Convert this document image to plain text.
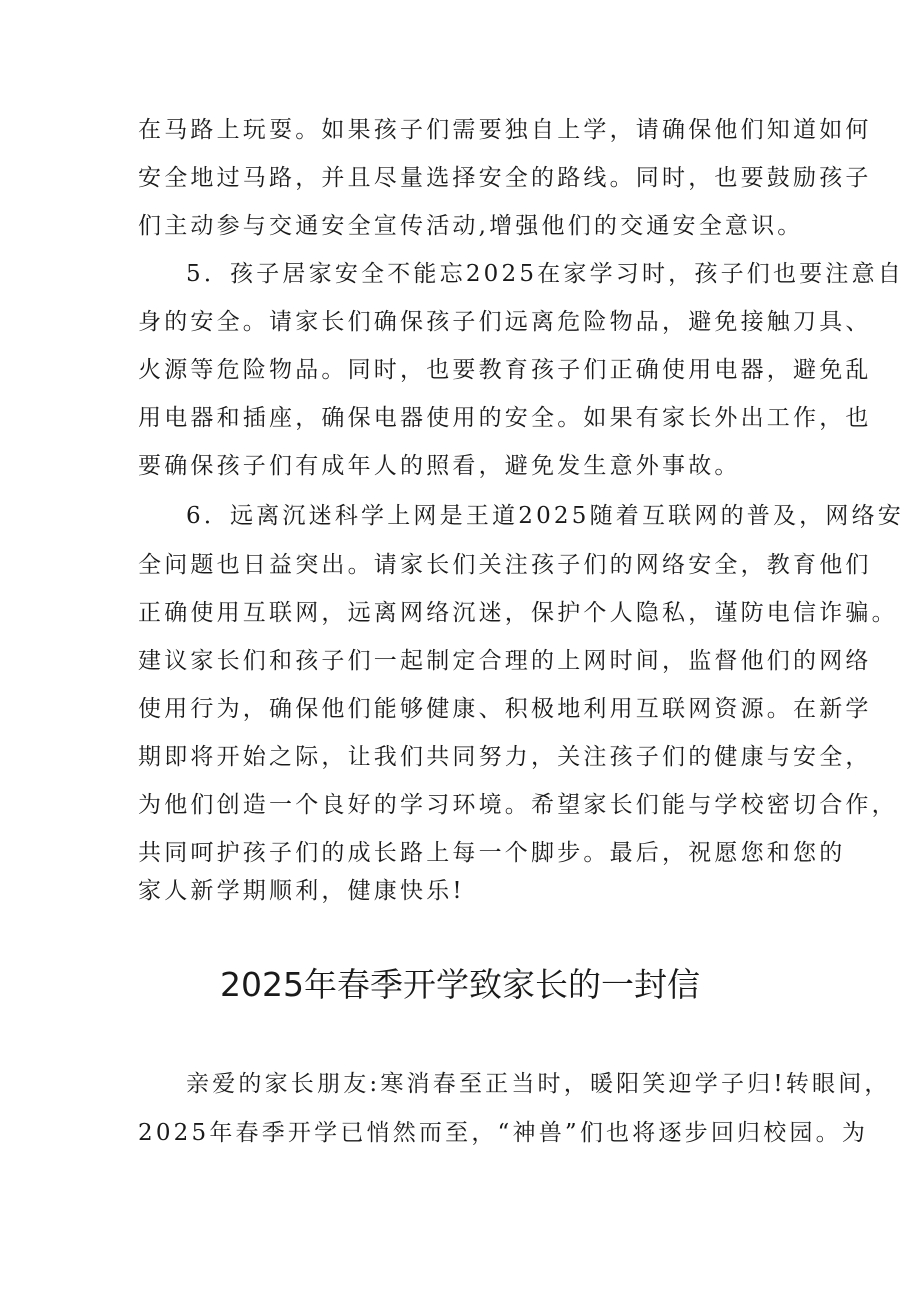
在马路上玩耍。如果孩子们需要独自上学，请确保他们知道如何
安全地过马路，并且尽量选择安全的路线。同时，也要鼓励孩子
们主动参与交通安全宣传活动,增强他们的交通安全意识。
5．孩子居家安全不能忘2025在家学习时，孩子们也要注意自
身的安全。请家长们确保孩子们远离危险物品，避免接触刀具、
火源等危险物品。同时，也要教育孩子们正确使用电器，避免乱
用电器和插座，确保电器使用的安全。如果有家长外出工作，也
要确保孩子们有成年人的照看，避免发生意外事故。
6．远离沉迷科学上网是王道2025随着互联网的普及，网络安
全问题也日益突出。请家长们关注孩子们的网络安全，教育他们
正确使用互联网，远离网络沉迷，保护个人隐私，谨防电信诈骗。
建议家长们和孩子们一起制定合理的上网时间，监督他们的网络
使用行为，确保他们能够健康、积极地利用互联网资源。在新学
期即将开始之际，让我们共同努力，关注孩子们的健康与安全，
为他们创造一个良好的学习环境。希望家长们能与学校密切合作，
共同呵护孩子们的成长路上每一个脚步。最后，祝愿您和您的
家人新学期顺利，健康快乐!
2025年春季开学致家长的一封信
亲爱的家长朋友:寒消春至正当时，暖阳笑迎学子归!转眼间，
2025年春季开学已悄然而至，“神兽”们也将逐步回归校园。为
